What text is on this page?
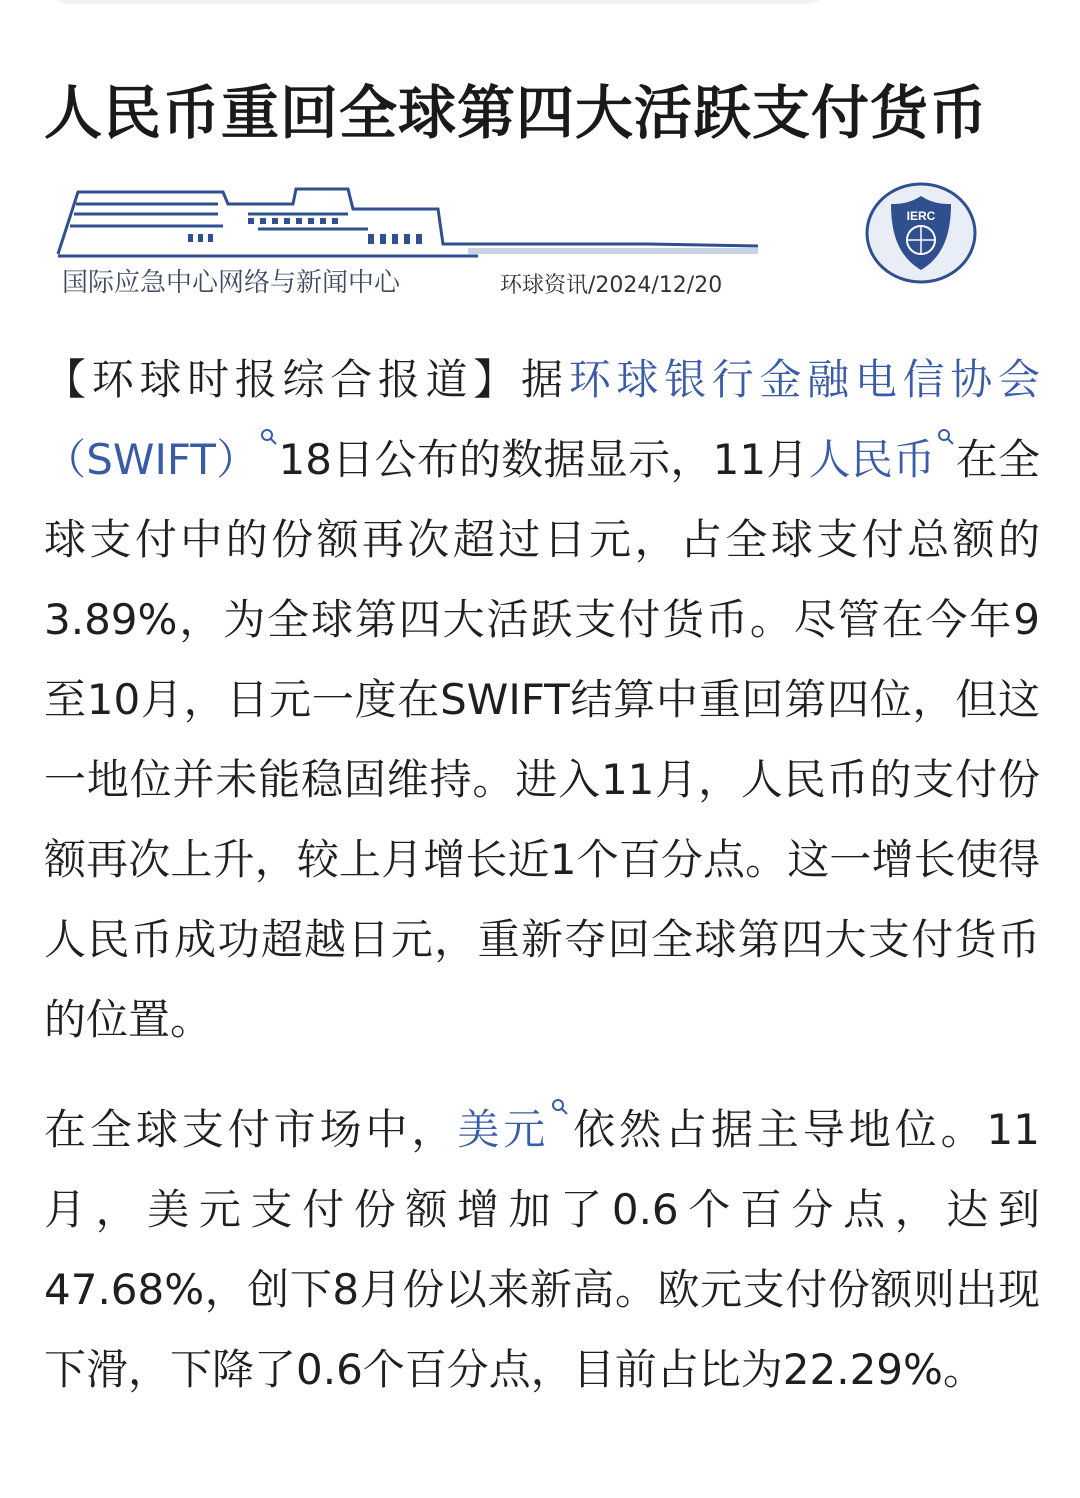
人民币重回全球第四大活跃支付货币
国际应急中心网络与新闻中心	环球资讯/2024/12/20
IERC

【环球时报综合报道】据环球银行金融电信协会（SWIFT） 18日公布的数据显示，11月人民币 在全球支付中的份额再次超过日元，占全球支付总额的3.89%，为全球第四大活跃支付货币。尽管在今年9至10月，日元一度在SWIFT结算中重回第四位，但这一地位并未能稳固维持。进入11月，人民币的支付份额再次上升，较上月增长近1个百分点。这一增长使得人民币成功超越日元，重新夺回全球第四大支付货币的位置。

在全球支付市场中，美元 依然占据主导地位。11月，美元支付份额增加了0.6个百分点，达到47.68%，创下8月份以来新高。欧元支付份额则出现下滑，下降了0.6个百分点，目前占比为22.29%。
